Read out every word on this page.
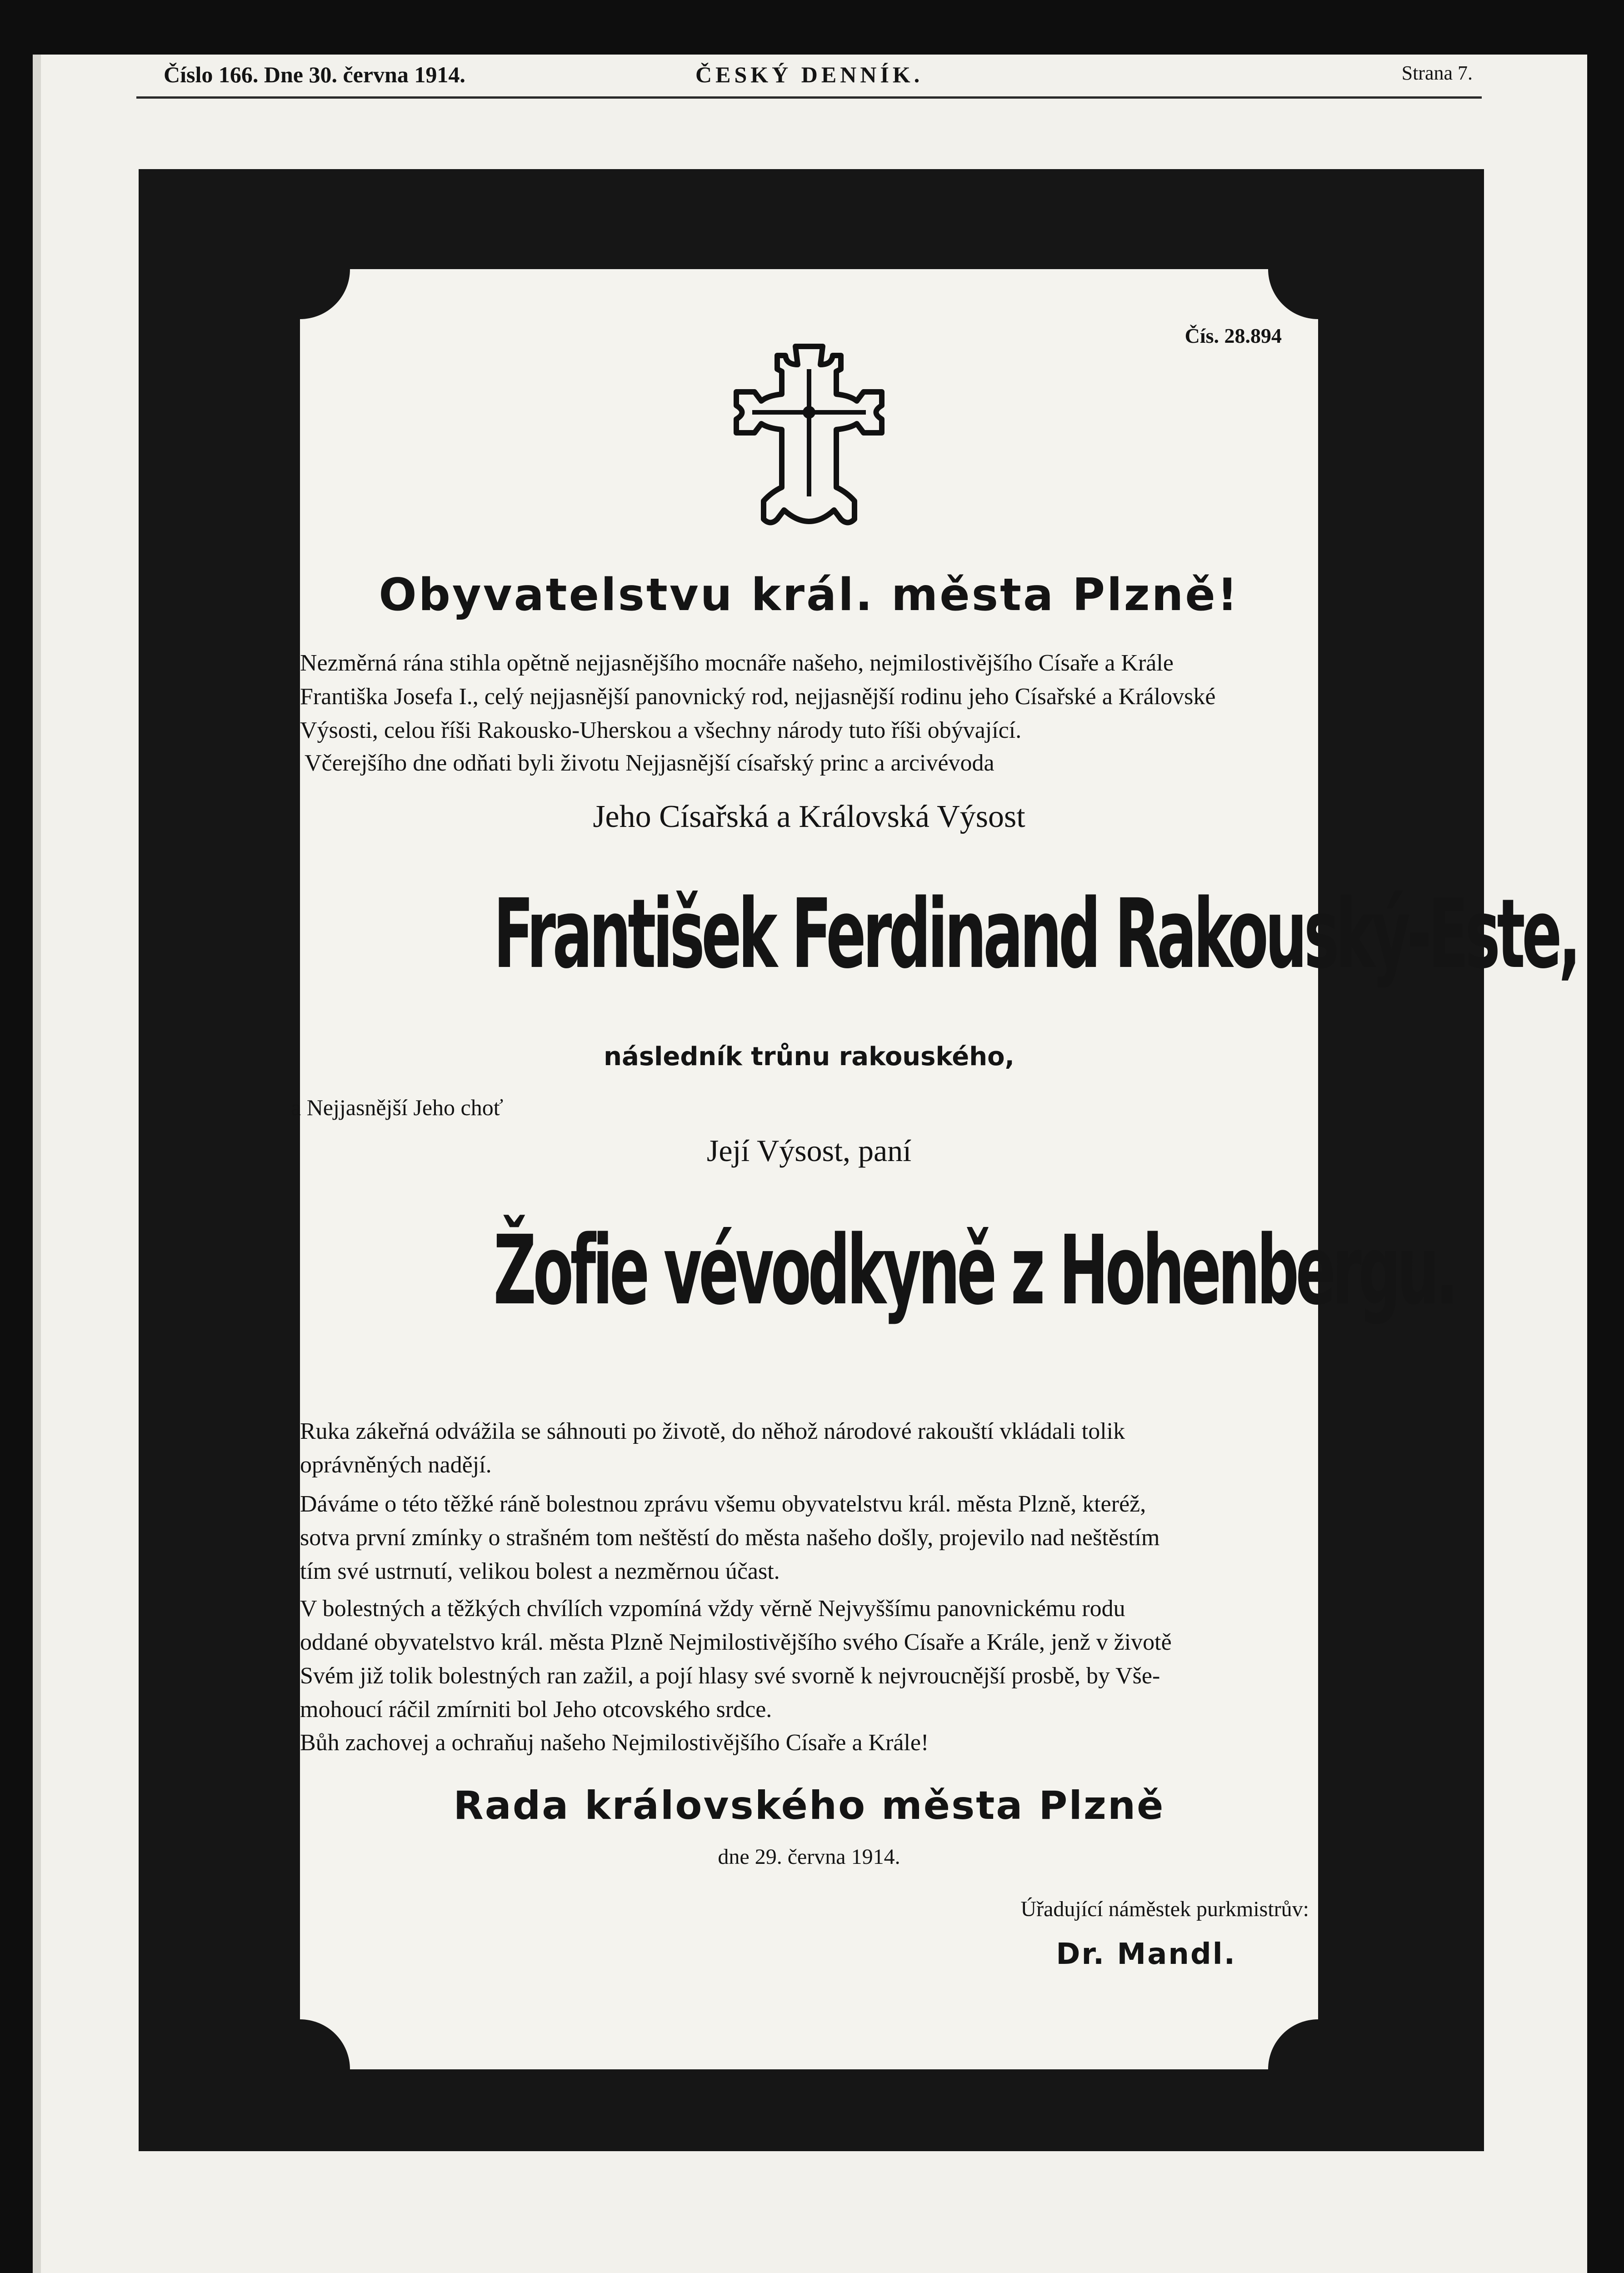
Číslo 166. Dne 30. června 1914.	ČESKÝ DENNÍK.	Strana 7.
Čís. 28.894
Obyvatelstvu král. města Plzně!

Nezměrná rána stihla opětně nejjasnějšího mocnáře našeho, nejmilostivějšího Císaře a Krále

Františka Josefa I., celý nejjasnější panovnický rod, nejjasnější rodinu jeho Císařské a Královské

Výsosti, celou říši Rakousko-Uherskou a všechny národy tuto říši obývající.

Včerejšího dne odňati byli životu Nejjasnější císařský princ a arcivévoda

Jeho Císařská a Královská Výsost
František Ferdinand Rakouský-Este,
následník trůnu rakouského,
a Nejjasnější Jeho choť
Její Výsost, paní
Žofie vévodkyně z Hohenbergu.

Ruka zákeřná odvážila se sáhnouti po životě, do něhož národové rakouští vkládali tolik

oprávněných nadějí.

Dáváme o této těžké ráně bolestnou zprávu všemu obyvatelstvu král. města Plzně, kteréž,

sotva první zmínky o strašném tom neštěstí do města našeho došly, projevilo nad neštěstím

tím své ustrnutí, velikou bolest a nezměrnou účast.

V bolestných a těžkých chvílích vzpomíná vždy věrně Nejvyššímu panovnickému rodu

oddané obyvatelstvo král. města Plzně Nejmilostivějšího svého Císaře a Krále, jenž v životě

Svém již tolik bolestných ran zažil, a pojí hlasy své svorně k nejvroucnější prosbě, by Vše-

mohoucí ráčil zmírniti bol Jeho otcovského srdce.

Bůh zachovej a ochraňuj našeho Nejmilostivějšího Císaře a Krále!

Rada královského města Plzně
dne 29. června 1914.
Úřadující náměstek purkmistrův:
Dr. Mandl.
